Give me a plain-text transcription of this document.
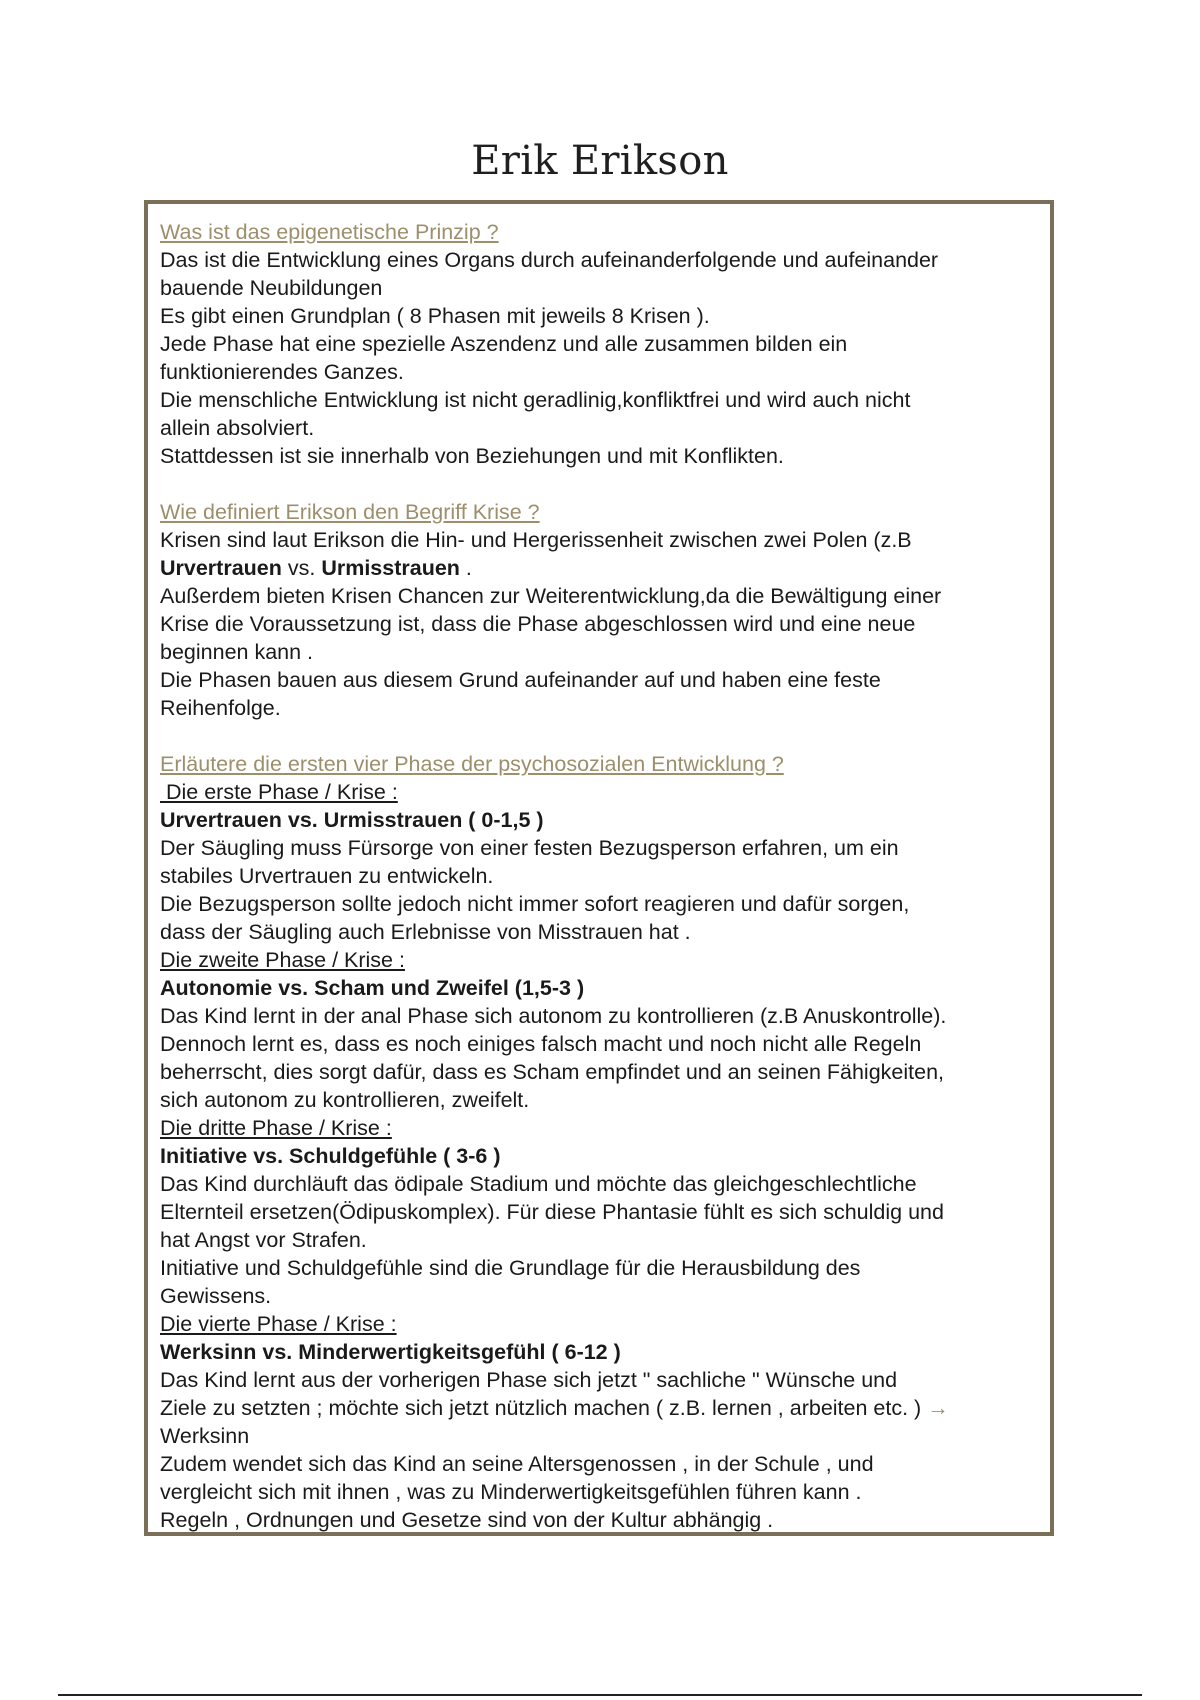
Erik Erikson
Was ist das epigenetische Prinzip ?
Das ist die Entwicklung eines Organs durch aufeinanderfolgende und aufeinander
bauende Neubildungen
Es gibt einen Grundplan ( 8 Phasen mit jeweils 8 Krisen ).
Jede Phase hat eine spezielle Aszendenz und alle zusammen bilden ein
funktionierendes Ganzes.
Die menschliche Entwicklung ist nicht geradlinig,konfliktfrei und wird auch nicht
allein absolviert.
Stattdessen ist sie innerhalb von Beziehungen und mit Konflikten.
Wie definiert Erikson den Begriff Krise ?
Krisen sind laut Erikson die Hin- und Hergerissenheit zwischen zwei Polen (z.B
Urvertrauen vs. Urmisstrauen .
Außerdem bieten Krisen Chancen zur Weiterentwicklung,da die Bewältigung einer
Krise die Voraussetzung ist, dass die Phase abgeschlossen wird und eine neue
beginnen kann .
Die Phasen bauen aus diesem Grund aufeinander auf und haben eine feste
Reihenfolge.
Erläutere die ersten vier Phase der psychosozialen Entwicklung ?
Die erste Phase / Krise :
Urvertrauen vs. Urmisstrauen ( 0-1,5 )
Der Säugling muss Fürsorge von einer festen Bezugsperson erfahren, um ein
stabiles Urvertrauen zu entwickeln.
Die Bezugsperson sollte jedoch nicht immer sofort reagieren und dafür sorgen,
dass der Säugling auch Erlebnisse von Misstrauen hat .
Die zweite Phase / Krise :
Autonomie vs. Scham und Zweifel (1,5-3 )
Das Kind lernt in der anal Phase sich autonom zu kontrollieren (z.B Anuskontrolle).
Dennoch lernt es, dass es noch einiges falsch macht und noch nicht alle Regeln
beherrscht, dies sorgt dafür, dass es Scham empfindet und an seinen Fähigkeiten,
sich autonom zu kontrollieren, zweifelt.
Die dritte Phase / Krise :
Initiative vs. Schuldgefühle ( 3-6 )
Das Kind durchläuft das ödipale Stadium und möchte das gleichgeschlechtliche
Elternteil ersetzen(Ödipuskomplex). Für diese Phantasie fühlt es sich schuldig und
hat Angst vor Strafen.
Initiative und Schuldgefühle sind die Grundlage für die Herausbildung des
Gewissens.
Die vierte Phase / Krise :
Werksinn vs. Minderwertigkeitsgefühl ( 6-12 )
Das Kind lernt aus der vorherigen Phase sich jetzt " sachliche " Wünsche und
Ziele zu setzten ; möchte sich jetzt nützlich machen ( z.B. lernen , arbeiten etc. ) →
Werksinn
Zudem wendet sich das Kind an seine Altersgenossen , in der Schule , und
vergleicht sich mit ihnen , was zu Minderwertigkeitsgefühlen führen kann .
Regeln , Ordnungen und Gesetze sind von der Kultur abhängig .
